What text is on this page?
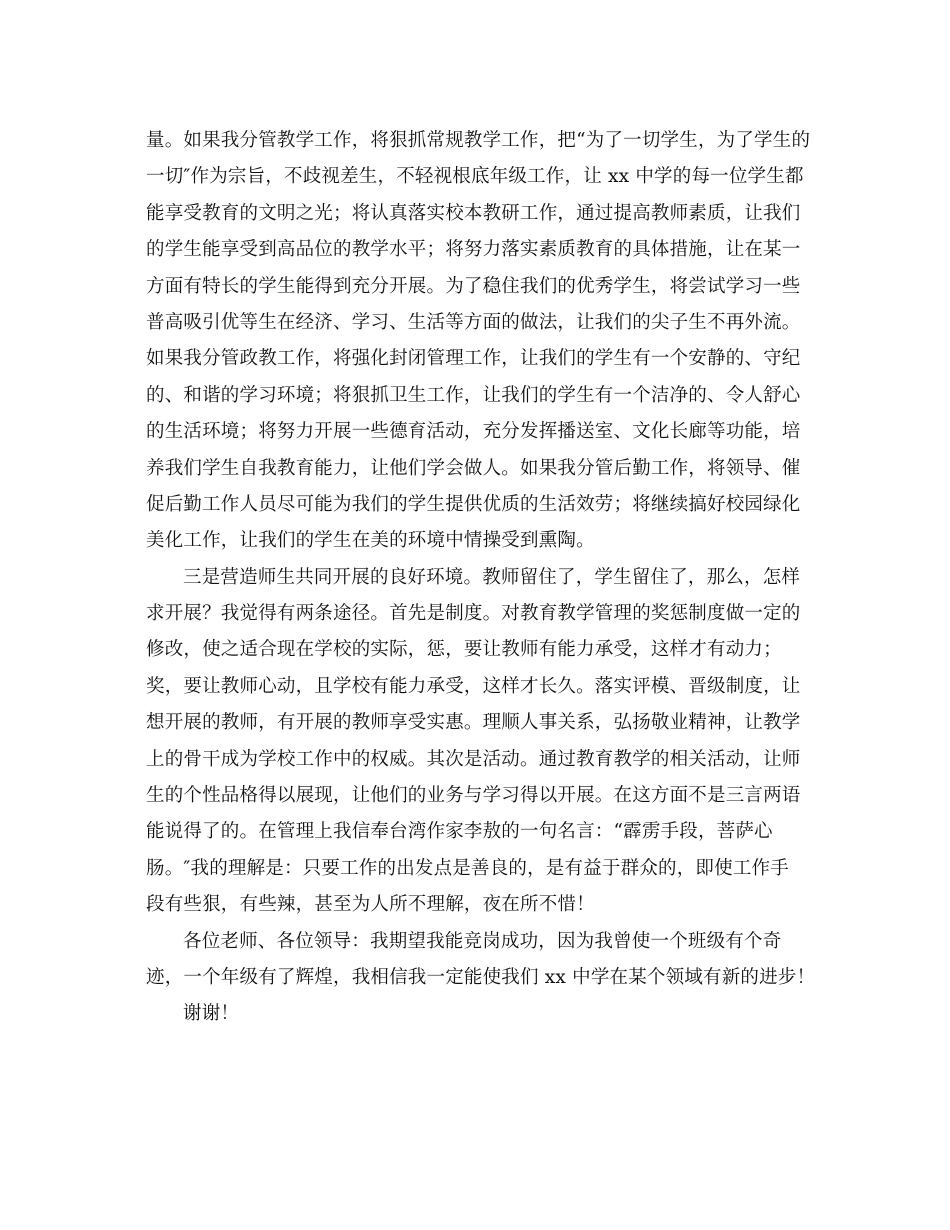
量。如果我分管教学工作，将狠抓常规教学工作，把“为了一切学生，为了学生的
一切″作为宗旨，不歧视差生，不轻视根底年级工作，让 xx 中学的每一位学生都
能享受教育的文明之光；将认真落实校本教研工作，通过提高教师素质，让我们
的学生能享受到高品位的教学水平；将努力落实素质教育的具体措施，让在某一
方面有特长的学生能得到充分开展。为了稳住我们的优秀学生，将尝试学习一些
普高吸引优等生在经济、学习、生活等方面的做法，让我们的尖子生不再外流。
如果我分管政教工作，将强化封闭管理工作，让我们的学生有一个安静的、守纪
的、和谐的学习环境；将狠抓卫生工作，让我们的学生有一个洁净的、令人舒心
的生活环境；将努力开展一些德育活动，充分发挥播送室、文化长廊等功能，培
养我们学生自我教育能力，让他们学会做人。如果我分管后勤工作，将领导、催
促后勤工作人员尽可能为我们的学生提供优质的生活效劳；将继续搞好校园绿化
美化工作，让我们的学生在美的环境中情操受到熏陶。
三是营造师生共同开展的良好环境。教师留住了，学生留住了，那么，怎样
求开展？我觉得有两条途径。首先是制度。对教育教学管理的奖惩制度做一定的
修改，使之适合现在学校的实际，惩，要让教师有能力承受，这样才有动力；
奖，要让教师心动，且学校有能力承受，这样才长久。落实评模、晋级制度，让
想开展的教师，有开展的教师享受实惠。理顺人事关系，弘扬敬业精神，让教学
上的骨干成为学校工作中的权威。其次是活动。通过教育教学的相关活动，让师
生的个性品格得以展现，让他们的业务与学习得以开展。在这方面不是三言两语
能说得了的。在管理上我信奉台湾作家李敖的一句名言：“霹雳手段，菩萨心
肠。″我的理解是：只要工作的出发点是善良的，是有益于群众的，即使工作手
段有些狠，有些辣，甚至为人所不理解，夜在所不惜！
各位老师、各位领导：我期望我能竞岗成功，因为我曾使一个班级有个奇
迹，一个年级有了辉煌，我相信我一定能使我们 xx 中学在某个领域有新的进步！
谢谢！
